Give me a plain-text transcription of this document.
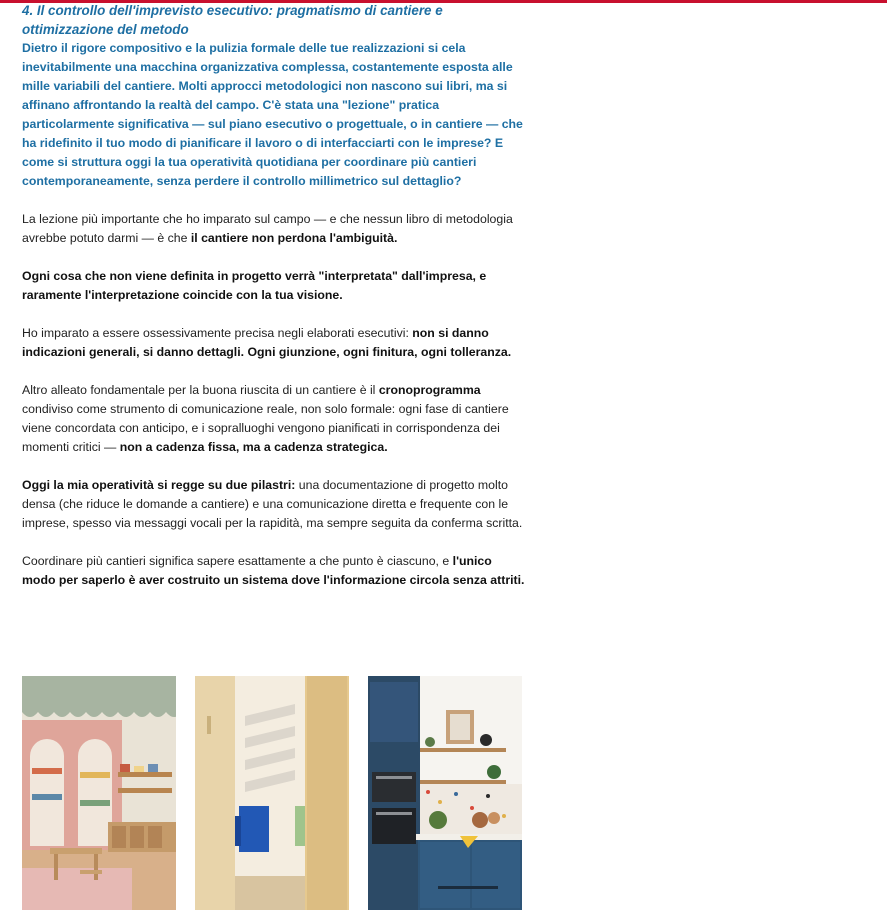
4. Il controllo dell'imprevisto esecutivo: pragmatismo di cantiere e ottimizzazione del metodo

Dietro il rigore compositivo e la pulizia formale delle tue realizzazioni si cela inevitabilmente una macchina organizzativa complessa, costantemente esposta alle mille variabili del cantiere. Molti approcci metodologici non nascono sui libri, ma si affinano affrontando la realtà del campo. C'è stata una "lezione" pratica particolarmente significativa — sul piano esecutivo o progettuale, o in cantiere — che ha ridefinito il tuo modo di pianificare il lavoro o di interfacciarti con le imprese? E come si struttura oggi la tua operatività quotidiana per coordinare più cantieri contemporaneamente, senza perdere il controllo millimetrico sul dettaglio?

La lezione più importante che ho imparato sul campo — e che nessun libro di metodologia avrebbe potuto darmi — è che il cantiere non perdona l'ambiguità.

Ogni cosa che non viene definita in progetto verrà "interpretata" dall'impresa, e raramente l'interpretazione coincide con la tua visione.

Ho imparato a essere ossessivamente precisa negli elaborati esecutivi: non si danno indicazioni generali, si danno dettagli. Ogni giunzione, ogni finitura, ogni tolleranza.

Altro alleato fondamentale per la buona riuscita di un cantiere è il cronoprogramma condiviso come strumento di comunicazione reale, non solo formale: ogni fase di cantiere viene concordata con anticipo, e i sopralluoghi vengono pianificati in corrispondenza dei momenti critici — non a cadenza fissa, ma a cadenza strategica.

Oggi la mia operatività si regge su due pilastri: una documentazione di progetto molto densa (che riduce le domande a cantiere) e una comunicazione diretta e frequente con le imprese, spesso via messaggi vocali per la rapidità, ma sempre seguita da conferma scritta.

Coordinare più cantieri significa sapere esattamente a che punto è ciascuno, e l'unico modo per saperlo è aver costruito un sistema dove l'informazione circola senza attriti.
